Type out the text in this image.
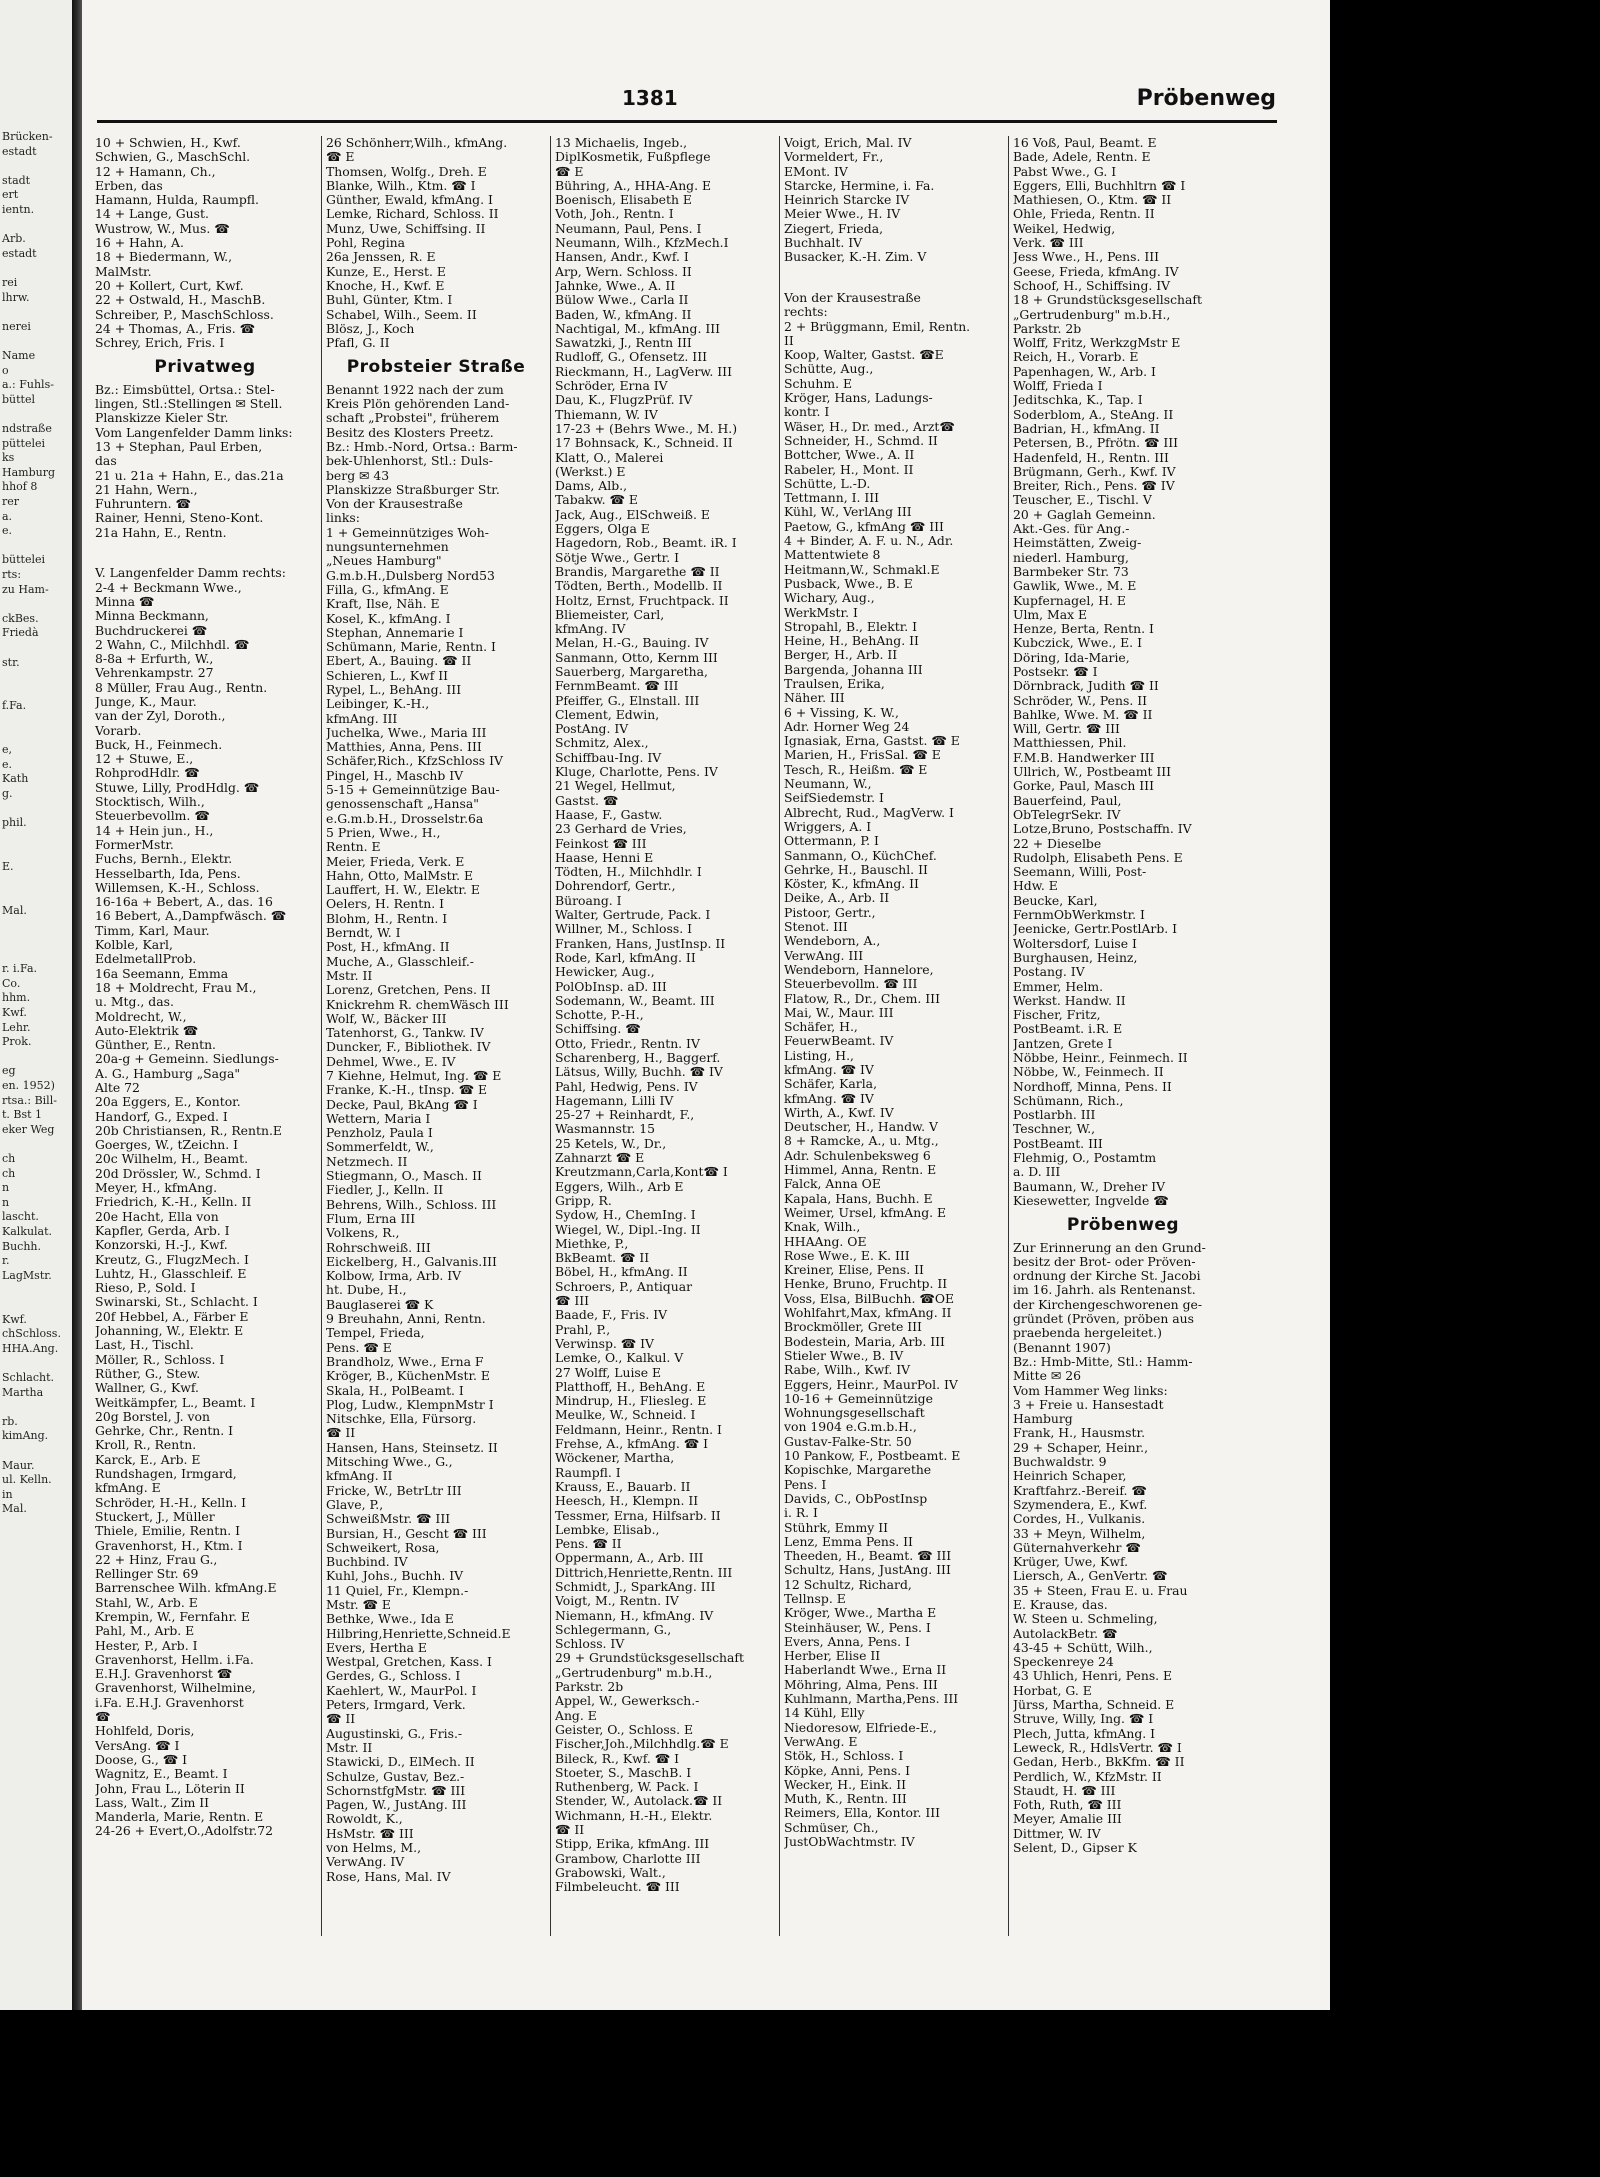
Brücken-
estadt
stadt
ert
ientn.
Arb.
estadt
rei
lhrw.
nerei
Name
o
a.: Fuhls-
büttel
ndstraße
püttelei
ks
Hamburg
hhof 8
rer
a.
e.
büttelei
rts:
zu Ham-
ckBes.
Friedà
str.
f.Fa.
e,
e.
Kath
g.
phil.
E.
Mal.
r. i.Fa.
Co.
hhm.
Kwf.
Lehr.
Prok.
eg
en. 1952)
rtsa.: Bill-
t. Bst 1
eker Weg
ch
ch
n
n
lascht.
Kalkulat.
Buchh.
r.
LagMstr.
Kwf.
chSchloss.
HHA.Ang.
Schlacht.
Martha
rb.
kimAng.
Maur.
ul. Kelln.
in
Mal.
1381	Pröbenweg
10 + Schwien, H., Kwf.
Schwien, G., MaschSchl.
12 + Hamann, Ch.,
Erben, das
Hamann, Hulda, Raumpfl.
14 + Lange, Gust.
Wustrow, W., Mus. ☎
16 + Hahn, A.
18 + Biedermann, W.,
MalMstr.
20 + Kollert, Curt, Kwf.
22 + Ostwald, H., MaschB.
Schreiber, P., MaschSchloss.
24 + Thomas, A., Fris. ☎
Schrey, Erich, Fris. I
Privatweg
Bz.: Eimsbüttel, Ortsa.: Stel-
lingen, Stl.:Stellingen ✉ Stell.
Planskizze Kieler Str.
Vom Langenfelder Damm links:
13 + Stephan, Paul Erben,
das
21 u. 21a + Hahn, E., das.21a
21 Hahn, Wern.,
Fuhruntern. ☎
Rainer, Henni, Steno-Kont.
21a Hahn, E., Rentn.

V. Langenfelder Damm rechts:
2-4 + Beckmann Wwe.,
Minna ☎
Minna Beckmann,
Buchdruckerei ☎
2 Wahn, C., Milchhdl. ☎
8-8a + Erfurth, W.,
Vehrenkampstr. 27
8 Müller, Frau Aug., Rentn.
Junge, K., Maur.
van der Zyl, Doroth.,
Vorarb.
Buck, H., Feinmech.
12 + Stuwe, E.,
RohprodHdlr. ☎
Stuwe, Lilly, ProdHdlg. ☎
Stocktisch, Wilh.,
Steuerbevollm. ☎
14 + Hein jun., H.,
FormerMstr.
Fuchs, Bernh., Elektr.
Hesselbarth, Ida, Pens.
Willemsen, K.-H., Schloss.
16-16a + Bebert, A., das. 16
16 Bebert, A.,Dampfwäsch. ☎
Timm, Karl, Maur.
Kolble, Karl,
EdelmetallProb.
16a Seemann, Emma
18 + Moldrecht, Frau M.,
u. Mtg., das.
Moldrecht, W.,
Auto-Elektrik ☎
Günther, E., Rentn.
20a-g + Gemeinn. Siedlungs-
A. G., Hamburg „Saga"
Alte 72
20a Eggers, E., Kontor.
Handorf, G., Exped. I
20b Christiansen, R., Rentn.E
Goerges, W., tZeichn. I
20c Wilhelm, H., Beamt.
20d Drössler, W., Schmd. I
Meyer, H., kfmAng.
Friedrich, K.-H., Kelln. II
20e Hacht, Ella von
Kapfler, Gerda, Arb. I
Konzorski, H.-J., Kwf.
Kreutz, G., FlugzMech. I
Luhtz, H., Glasschleif. E
Rieso, P., Sold. I
Swinarski, St., Schlacht. I
20f Hebbel, A., Färber E
Johanning, W., Elektr. E
Last, H., Tischl.
Möller, R., Schloss. I
Rüther, G., Stew.
Wallner, G., Kwf.
Weitkämpfer, L., Beamt. I
20g Borstel, J. von
Gehrke, Chr., Rentn. I
Kroll, R., Rentn.
Karck, E., Arb. E
Rundshagen, Irmgard,
kfmAng. E
Schröder, H.-H., Kelln. I
Stuckert, J., Müller
Thiele, Emilie, Rentn. I
Gravenhorst, H., Ktm. I
22 + Hinz, Frau G.,
Rellinger Str. 69
Barrenschee Wilh. kfmAng.E
Stahl, W., Arb. E
Krempin, W., Fernfahr. E
Pahl, M., Arb. E
Hester, P., Arb. I
Gravenhorst, Hellm. i.Fa.
E.H.J. Gravenhorst ☎
Gravenhorst, Wilhelmine,
i.Fa. E.H.J. Gravenhorst
☎
Hohlfeld, Doris,
VersAng. ☎ I
Doose, G., ☎ I
Wagnitz, E., Beamt. I
John, Frau L., Löterin II
Lass, Walt., Zim II
Manderla, Marie, Rentn. E
24-26 + Evert,O.,Adolfstr.72
26 Schönherr,Wilh., kfmAng.
☎ E
Thomsen, Wolfg., Dreh. E
Blanke, Wilh., Ktm. ☎ I
Günther, Ewald, kfmAng. I
Lemke, Richard, Schloss. II
Munz, Uwe, Schiffsing. II
Pohl, Regina
26a Jenssen, R. E
Kunze, E., Herst. E
Knoche, H., Kwf. E
Buhl, Günter, Ktm. I
Schabel, Wilh., Seem. II
Blösz, J., Koch
Pfafl, G. II
Probsteier Straße
Benannt 1922 nach der zum
Kreis Plön gehörenden Land-
schaft „Probstei", früherem
Besitz des Klosters Preetz.
Bz.: Hmb.-Nord, Ortsa.: Barm-
bek-Uhlenhorst, Stl.: Duls-
berg ✉ 43
Planskizze Straßburger Str.
Von der Krausestraße
links:
1 + Gemeinnütziges Woh-
nungsunternehmen
„Neues Hamburg"
G.m.b.H.,Dulsberg Nord53
Filla, G., kfmAng. E
Kraft, Ilse, Näh. E
Kosel, K., kfmAng. I
Stephan, Annemarie I
Schümann, Marie, Rentn. I
Ebert, A., Bauing. ☎ II
Schieren, L., Kwf II
Rypel, L., BehAng. III
Leibinger, K.-H.,
kfmAng. III
Juchelka, Wwe., Maria III
Matthies, Anna, Pens. III
Schäfer,Rich., KfzSchloss IV
Pingel, H., Maschb IV
5-15 + Gemeinnützige Bau-
genossenschaft „Hansa"
e.G.m.b.H., Drosselstr.6a
5 Prien, Wwe., H.,
Rentn. E
Meier, Frieda, Verk. E
Hahn, Otto, MalMstr. E
Lauffert, H. W., Elektr. E
Oelers, H. Rentn. I
Blohm, H., Rentn. I
Berndt, W. I
Post, H., kfmAng. II
Muche, A., Glasschleif.-
Mstr. II
Lorenz, Gretchen, Pens. II
Knickrehm R. chemWäsch III
Wolf, W., Bäcker III
Tatenhorst, G., Tankw. IV
Duncker, F., Bibliothek. IV
Dehmel, Wwe., E. IV
7 Kiehne, Helmut, Ing. ☎ E
Franke, K.-H., tInsp. ☎ E
Decke, Paul, BkAng ☎ I
Wettern, Maria I
Penzholz, Paula I
Sommerfeldt, W.,
Netzmech. II
Stiegmann, O., Masch. II
Fiedler, J., Kelln. II
Behrens, Wilh., Schloss. III
Flum, Erna III
Volkens, R.,
Rohrschweiß. III
Eickelberg, H., Galvanis.III
Kolbow, Irma, Arb. IV
ht. Dube, H.,
Bauglaserei ☎ K
9 Breuhahn, Anni, Rentn.
Tempel, Frieda,
Pens. ☎ E
Brandholz, Wwe., Erna F
Kröger, B., KüchenMstr. E
Skala, H., PolBeamt. I
Plog, Ludw., KlempnMstr I
Nitschke, Ella, Fürsorg.
☎ II
Hansen, Hans, Steinsetz. II
Mitsching Wwe., G.,
kfmAng. II
Fricke, W., BetrLtr III
Glave, P.,
SchweißMstr. ☎ III
Bursian, H., Gescht ☎ III
Schweikert, Rosa,
Buchbind. IV
Kuhl, Johs., Buchh. IV
11 Quiel, Fr., Klempn.-
Mstr. ☎ E
Bethke, Wwe., Ida E
Hilbring,Henriette,Schneid.E
Evers, Hertha E
Westpal, Gretchen, Kass. I
Gerdes, G., Schloss. I
Kaehlert, W., MaurPol. I
Peters, Irmgard, Verk.
☎ II
Augustinski, G., Fris.-
Mstr. II
Stawicki, D., ElMech. II
Schulze, Gustav, Bez.-
SchornstfgMstr. ☎ III
Pagen, W., JustAng. III
Rowoldt, K.,
HsMstr. ☎ III
von Helms, M.,
VerwAng. IV
Rose, Hans, Mal. IV
13 Michaelis, Ingeb.,
DiplKosmetik, Fußpflege
☎ E
Bühring, A., HHA-Ang. E
Boenisch, Elisabeth E
Voth, Joh., Rentn. I
Neumann, Paul, Pens. I
Neumann, Wilh., KfzMech.I
Hansen, Andr., Kwf. I
Arp, Wern. Schloss. II
Jahnke, Wwe., A. II
Bülow Wwe., Carla II
Baden, W., kfmAng. II
Nachtigal, M., kfmAng. III
Sawatzki, J., Rentn III
Rudloff, G., Ofensetz. III
Rieckmann, H., LagVerw. III
Schröder, Erna IV
Dau, K., FlugzPrüf. IV
Thiemann, W. IV
17-23 + (Behrs Wwe., M. H.)
17 Bohnsack, K., Schneid. II
Klatt, O., Malerei
(Werkst.) E
Dams, Alb.,
Tabakw. ☎ E
Jack, Aug., ElSchweiß. E
Eggers, Olga E
Hagedorn, Rob., Beamt. iR. I
Sötje Wwe., Gertr. I
Brandis, Margarethe ☎ II
Tödten, Berth., Modellb. II
Holtz, Ernst, Fruchtpack. II
Bliemeister, Carl,
kfmAng. IV
Melan, H.-G., Bauing. IV
Sanmann, Otto, Kernm III
Sauerberg, Margaretha,
FernmBeamt. ☎ III
Pfeiffer, G., Elnstall. III
Clement, Edwin,
PostAng. IV
Schmitz, Alex.,
Schiffbau-Ing. IV
Kluge, Charlotte, Pens. IV
21 Wegel, Hellmut,
Gastst. ☎
Haase, F., Gastw.
23 Gerhard de Vries,
Feinkost ☎ III
Haase, Henni E
Tödten, H., Milchhdlr. I
Dohrendorf, Gertr.,
Büroang. I
Walter, Gertrude, Pack. I
Willner, M., Schloss. I
Franken, Hans, JustInsp. II
Rode, Karl, kfmAng. II
Hewicker, Aug.,
PolObInsp. aD. III
Sodemann, W., Beamt. III
Schotte, P.-H.,
Schiffsing. ☎
Otto, Friedr., Rentn. IV
Scharenberg, H., Baggerf.
Lätsus, Willy, Buchh. ☎ IV
Pahl, Hedwig, Pens. IV
Hagemann, Lilli IV
25-27 + Reinhardt, F.,
Wasmannstr. 15
25 Ketels, W., Dr.,
Zahnarzt ☎ E
Kreutzmann,Carla,Kont☎ I
Eggers, Wilh., Arb E
Gripp, R.
Sydow, H., ChemIng. I
Wiegel, W., Dipl.-Ing. II
Miethke, P.,
BkBeamt. ☎ II
Böbel, H., kfmAng. II
Schroers, P., Antiquar
☎ III
Baade, F., Fris. IV
Prahl, P.,
Verwinsp. ☎ IV
Lemke, O., Kalkul. V
27 Wolff, Luise E
Platthoff, H., BehAng. E
Mindrup, H., Fliesleg. E
Meulke, W., Schneid. I
Feldmann, Heinr., Rentn. I
Frehse, A., kfmAng. ☎ I
Wöckener, Martha,
Raumpfl. I
Krauss, E., Bauarb. II
Heesch, H., Klempn. II
Tessmer, Erna, Hilfsarb. II
Lembke, Elisab.,
Pens. ☎ II
Oppermann, A., Arb. III
Dittrich,Henriette,Rentn. III
Schmidt, J., SparkAng. III
Voigt, M., Rentn. IV
Niemann, H., kfmAng. IV
Schlegermann, G.,
Schloss. IV
29 + Grundstücksgesellschaft
„Gertrudenburg" m.b.H.,
Parkstr. 2b
Appel, W., Gewerksch.-
Ang. E
Geister, O., Schloss. E
Fischer,Joh.,Milchhdlg.☎ E
Bileck, R., Kwf. ☎ I
Stoeter, S., MaschB. I
Ruthenberg, W. Pack. I
Stender, W., Autolack.☎ II
Wichmann, H.-H., Elektr.
☎ II
Stipp, Erika, kfmAng. III
Grambow, Charlotte III
Grabowski, Walt.,
Filmbeleucht. ☎ III
Voigt, Erich, Mal. IV
Vormeldert, Fr.,
EMont. IV
Starcke, Hermine, i. Fa.
Heinrich Starcke IV
Meier Wwe., H. IV
Ziegert, Frieda,
Buchhalt. IV
Busacker, K.-H. Zim. V

Von der Krausestraße
rechts:
2 + Brüggmann, Emil, Rentn.
II
Koop, Walter, Gastst. ☎E
Schütte, Aug.,
Schuhm. E
Kröger, Hans, Ladungs-
kontr. I
Wäser, H., Dr. med., Arzt☎
Schneider, H., Schmd. II
Bottcher, Wwe., A. II
Rabeler, H., Mont. II
Schütte, L.-D.
Tettmann, I. III
Kühl, W., VerlAng III
Paetow, G., kfmAng ☎ III
4 + Binder, A. F. u. N., Adr.
Mattentwiete 8
Heitmann,W., Schmakl.E
Pusback, Wwe., B. E
Wichary, Aug.,
WerkMstr. I
Stropahl, B., Elektr. I
Heine, H., BehAng. II
Berger, H., Arb. II
Bargenda, Johanna III
Traulsen, Erika,
Näher. III
6 + Vissing, K. W.,
Adr. Horner Weg 24
Ignasiak, Erna, Gastst. ☎ E
Marien, H., FrisSal. ☎ E
Tesch, R., Heißm. ☎ E
Neumann, W.,
SeifSiedemstr. I
Albrecht, Rud., MagVerw. I
Wriggers, A. I
Ottermann, P. I
Sanmann, O., KüchChef.
Gehrke, H., Bauschl. II
Köster, K., kfmAng. II
Deike, A., Arb. II
Pistoor, Gertr.,
Stenot. III
Wendeborn, A.,
VerwAng. III
Wendeborn, Hannelore,
Steuerbevollm. ☎ III
Flatow, R., Dr., Chem. III
Mai, W., Maur. III
Schäfer, H.,
FeuerwBeamt. IV
Listing, H.,
kfmAng. ☎ IV
Schäfer, Karla,
kfmAng. ☎ IV
Wirth, A., Kwf. IV
Deutscher, H., Handw. V
8 + Ramcke, A., u. Mtg.,
Adr. Schulenbeksweg 6
Himmel, Anna, Rentn. E
Falck, Anna OE
Kapala, Hans, Buchh. E
Weimer, Ursel, kfmAng. E
Knak, Wilh.,
HHAAng. OE
Rose Wwe., E. K. III
Kreiner, Elise, Pens. II
Henke, Bruno, Fruchtp. II
Voss, Elsa, BilBuchh. ☎OE
Wohlfahrt,Max, kfmAng. II
Brockmöller, Grete III
Bodestein, Maria, Arb. III
Stieler Wwe., B. IV
Rabe, Wilh., Kwf. IV
Eggers, Heinr., MaurPol. IV
10-16 + Gemeinnützige
Wohnungsgesellschaft
von 1904 e.G.m.b.H.,
Gustav-Falke-Str. 50
10 Pankow, F., Postbeamt. E
Kopischke, Margarethe
Pens. I
Davids, C., ObPostInsp
i. R. I
Stührk, Emmy II
Lenz, Emma Pens. II
Theeden, H., Beamt. ☎ III
Schultz, Hans, JustAng. III
12 Schultz, Richard,
Tellnsp. E
Kröger, Wwe., Martha E
Steinhäuser, W., Pens. I
Evers, Anna, Pens. I
Herber, Elise II
Haberlandt Wwe., Erna II
Möhring, Alma, Pens. III
Kuhlmann, Martha,Pens. III
14 Kühl, Elly
Niedoresow, Elfriede-E.,
VerwAng. E
Stök, H., Schloss. I
Köpke, Anni, Pens. I
Wecker, H., Eink. II
Muth, K., Rentn. III
Reimers, Ella, Kontor. III
Schmüser, Ch.,
JustObWachtmstr. IV
16 Voß, Paul, Beamt. E
Bade, Adele, Rentn. E
Pabst Wwe., G. I
Eggers, Elli, Buchhltrn ☎ I
Mathiesen, O., Ktm. ☎ II
Ohle, Frieda, Rentn. II
Weikel, Hedwig,
Verk. ☎ III
Jess Wwe., H., Pens. III
Geese, Frieda, kfmAng. IV
Schoof, H., Schiffsing. IV
18 + Grundstücksgesellschaft
„Gertrudenburg" m.b.H.,
Parkstr. 2b
Wolff, Fritz, WerkzgMstr E
Reich, H., Vorarb. E
Papenhagen, W., Arb. I
Wolff, Frieda I
Jeditschka, K., Tap. I
Soderblom, A., SteAng. II
Badrian, H., kfmAng. II
Petersen, B., Pfrötn. ☎ III
Hadenfeld, H., Rentn. III
Brügmann, Gerh., Kwf. IV
Breiter, Rich., Pens. ☎ IV
Teuscher, E., Tischl. V
20 + Gaglah Gemeinn.
Akt.-Ges. für Ang.-
Heimstätten, Zweig-
niederl. Hamburg,
Barmbeker Str. 73
Gawlik, Wwe., M. E
Kupfernagel, H. E
Ulm, Max E
Henze, Berta, Rentn. I
Kubczick, Wwe., E. I
Döring, Ida-Marie,
Postsekr. ☎ I
Dörnbrack, Judith ☎ II
Schröder, W., Pens. II
Bahlke, Wwe. M. ☎ II
Will, Gertr. ☎ III
Matthiessen, Phil.
F.M.B. Handwerker III
Ullrich, W., Postbeamt III
Gorke, Paul, Masch III
Bauerfeind, Paul,
ObTelegrSekr. IV
Lotze,Bruno, Postschaffn. IV
22 + Dieselbe
Rudolph, Elisabeth Pens. E
Seemann, Willi, Post-
Hdw. E
Beucke, Karl,
FernmObWerkmstr. I
Jeenicke, Gertr.PostlArb. I
Woltersdorf, Luise I
Burghausen, Heinz,
Postang. IV
Emmer, Helm.
Werkst. Handw. II
Fischer, Fritz,
PostBeamt. i.R. E
Jantzen, Grete I
Nöbbe, Heinr., Feinmech. II
Nöbbe, W., Feinmech. II
Nordhoff, Minna, Pens. II
Schümann, Rich.,
Postlarbh. III
Teschner, W.,
PostBeamt. III
Flehmig, O., Postamtm
a. D. III
Baumann, W., Dreher IV
Kiesewetter, Ingvelde ☎
Pröbenweg
Zur Erinnerung an den Grund-
besitz der Brot- oder Pröven-
ordnung der Kirche St. Jacobi
im 16. Jahrh. als Rentenanst.
der Kirchengeschworenen ge-
gründet (Pröven, pröben aus
praebenda hergeleitet.)
(Benannt 1907)
Bz.: Hmb-Mitte, Stl.: Hamm-
Mitte ✉ 26
Vom Hammer Weg links:
3 + Freie u. Hansestadt
Hamburg
Frank, H., Hausmstr.
29 + Schaper, Heinr.,
Buchwaldstr. 9
Heinrich Schaper,
Kraftfahrz.-Bereif. ☎
Szymendera, E., Kwf.
Cordes, H., Vulkanis.
33 + Meyn, Wilhelm,
Güternahverkehr ☎
Krüger, Uwe, Kwf.
Liersch, A., GenVertr. ☎
35 + Steen, Frau E. u. Frau
E. Krause, das.
W. Steen u. Schmeling,
AutolackBetr. ☎
43-45 + Schütt, Wilh.,
Speckenreye 24
43 Uhlich, Henri, Pens. E
Horbat, G. E
Jürss, Martha, Schneid. E
Struve, Willy, Ing. ☎ I
Plech, Jutta, kfmAng. I
Leweck, R., HdlsVertr. ☎ I
Gedan, Herb., BkKfm. ☎ II
Perdlich, W., KfzMstr. II
Staudt, H. ☎ III
Foth, Ruth, ☎ III
Meyer, Amalie III
Dittmer, W. IV
Selent, D., Gipser K
